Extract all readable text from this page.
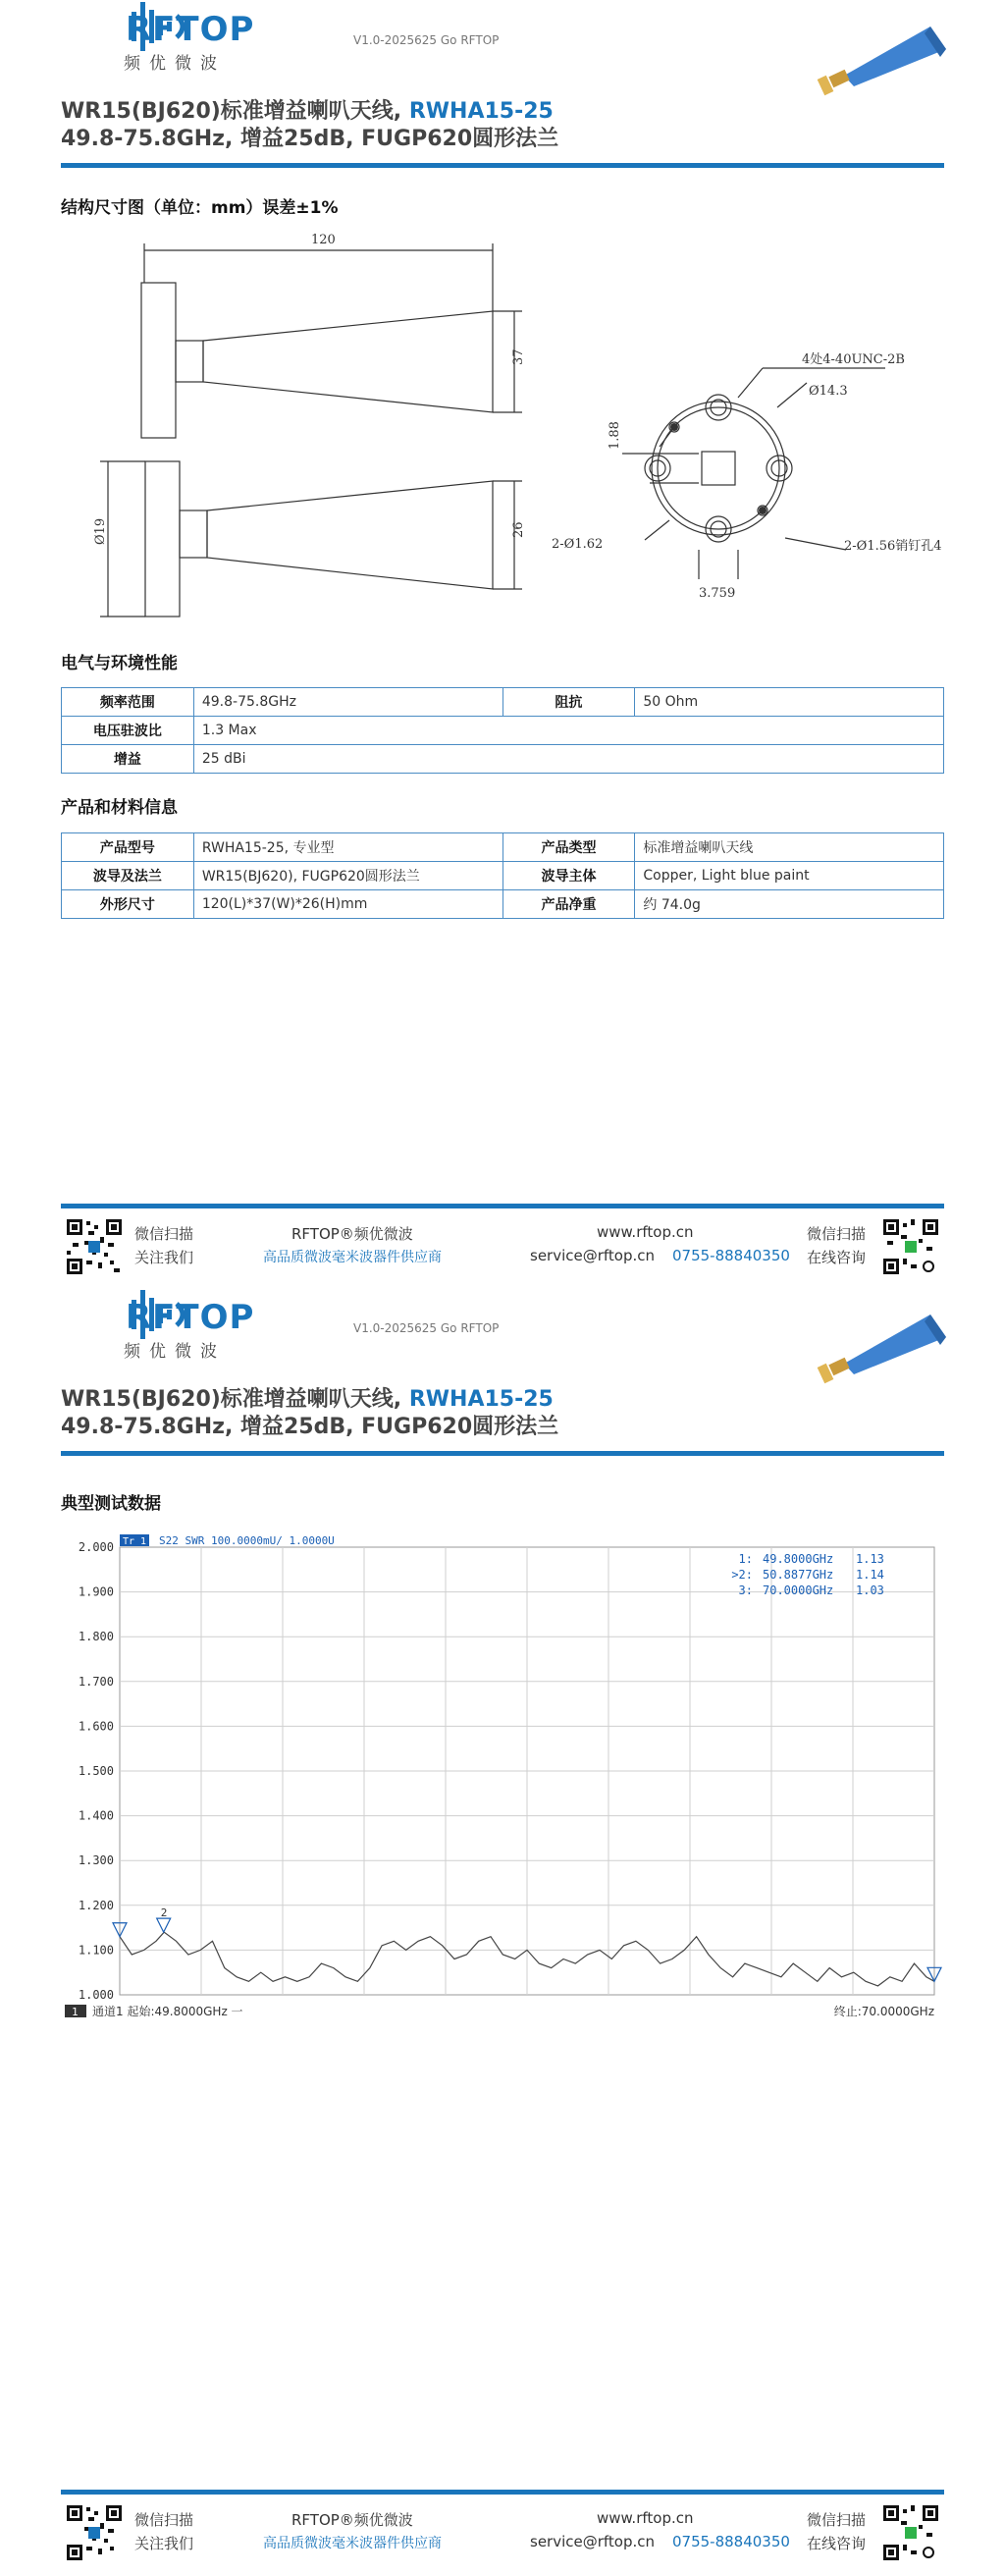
RFTOP
频优微波
V1.0-2025625 Go RFTOP
WR15(BJ620)标准增益喇叭天线, RWHA15-25
49.8-75.8GHz, 增益25dB, FUGP620圆形法兰
结构尺寸图（单位：mm）误差±1%
120
37
Ø19	26
4处4-40UNC-2B
Ø14.3
1.88
2-Ø1.62
3.759
2-Ø1.56销钉孔4
电气与环境性能
频率范围	49.8-75.8GHz	阻抗	50 Ohm
电压驻波比	1.3 Max		
增益	25 dBi		
产品和材料信息
产品型号	RWHA15-25, 专业型	产品类型	标准增益喇叭天线
波导及法兰	WR15(BJ620), FUGP620圆形法兰	波导主体	Copper, Light blue paint
外形尺寸	120(L)*37(W)*26(H)mm	产品净重	约 74.0g
微信扫描
关注我们
RFTOP®频优微波
高品质微波毫米波器件供应商
www.rftop.cn
service@rftop.cn 0755-88840350
微信扫描
在线咨询
RFTOP
频优微波
V1.0-2025625 Go RFTOP
WR15(BJ620)标准增益喇叭天线, RWHA15-25
49.8-75.8GHz, 增益25dB, FUGP620圆形法兰
典型测试数据
微信扫描
关注我们
RFTOP®频优微波
高品质微波毫米波器件供应商
www.rftop.cn
service@rftop.cn 0755-88840350
微信扫描
在线咨询
2.000
1.900
1.800
1.700
1.600
1.500
1.400
1.300
1.200
1.100
1.000
Tr 1 S22 SWR 100.0000mU/ 1.0000U
2
1: 49.8000GHz 1.13
>2: 50.8877GHz 1.14
3: 70.0000GHz 1.03
1 通道1 起始:49.8000GHz 一	终止:70.0000GHz
